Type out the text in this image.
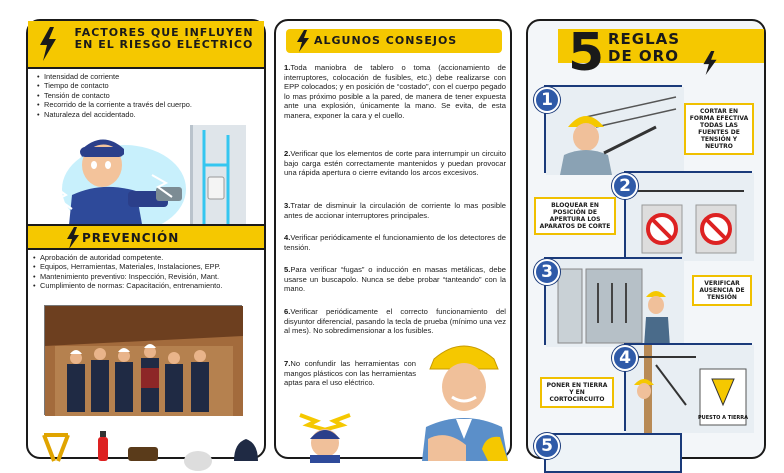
FACTORES QUE INFLUYEN EN EL RIESGO ELÉCTRICO
• Intensidad de corriente
• Tiempo de contacto
• Tensión de contacto
• Recorrido de la corriente a través del cuerpo.
• Naturaleza del accidentado.
PREVENCIÓN
• Aprobación de autoridad competente.
• Equipos, Herramientas, Materiales, Instalaciones, EPP.
• Mantenimiento preventivo: Inspección, Revisión, Mant.
• Cumplimiento de normas: Capacitación, entrenamiento.
ALGUNOS CONSEJOS
1.Toda maniobra de tablero o toma (accionamiento de interruptores, colocación de fusibles, etc.) debe realizarse con EPP colocados; y en posición de “costado”, con el cuerpo pegado lo mas próximo posible a la pared, de manera de tener expuesta ante una explosión, únicamente la mano. Se evita, de esta manera, exponer la cara y el cuello.
2.Verificar que los elementos de corte para interrumpir un circuito bajo carga estén correctamente mantenidos y puedan provocar una rápida apertura o cierre evitando los arcos excesivos.
3.Tratar de disminuir la circulación de corriente lo mas posible antes de accionar interruptores principales.
4.Verificar periódicamente el funcionamiento de los detectores de tensión.
5.Para verificar “fugas” o inducción en masas metálicas, debe usarse un buscapolo. Nunca se debe probar “tanteando” con la mano.
6.Verificar periódicamente el correcto funcionamiento del disyuntor diferencial, pasando la tecla de prueba (mínimo una vez al mes). No sobredimensionar a los fusibles.
7.No confundir las herramientas con mangos plásticos con las herramientas aptas para el uso eléctrico.
5 REGLAS
DE ORO
1
CORTAR EN FORMA EFECTIVA TODAS LAS FUENTES DE TENSIÓN Y NEUTRO
2
BLOQUEAR EN POSICIÓN DE APERTURA LOS APARATOS DE CORTE
3
VERIFICAR AUSENCIA DE TENSIÓN
PUESTO A TIERRA
4
PONER EN TIERRA Y EN CORTOCIRCUITO
5
